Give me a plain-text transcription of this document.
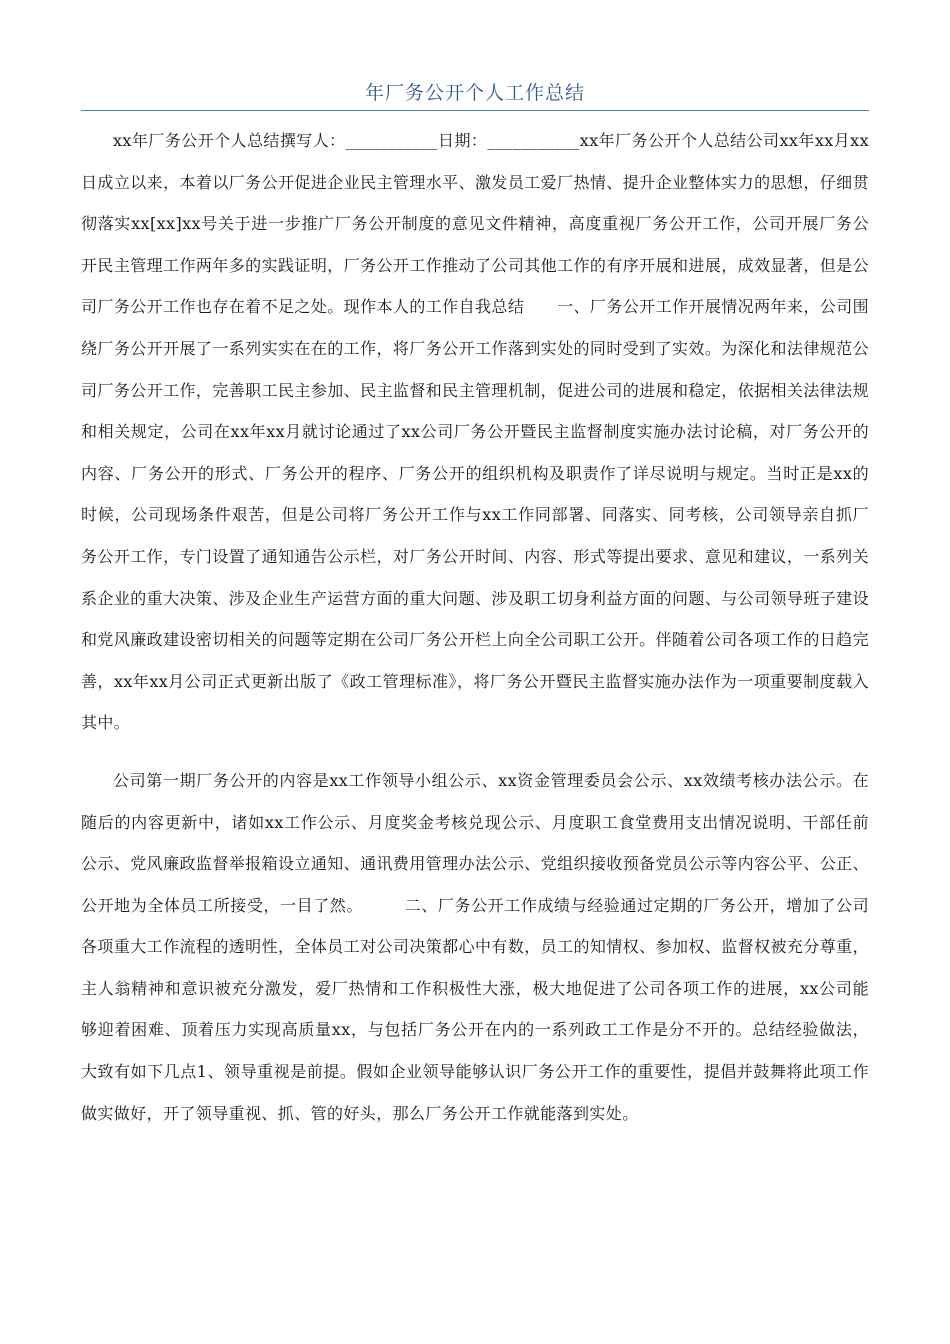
年厂务公开个人工作总结

xx年厂务公开个人总结撰写人：___________日期：___________xx年厂务公开个人总结公司xx年xx月xx日成立以来，本着以厂务公开促进企业民主管理水平、激发员工爱厂热情、提升企业整体实力的思想，仔细贯彻落实xx[xx]xx号关于进一步推广厂务公开制度的意见文件精神，高度重视厂务公开工作，公司开展厂务公开民主管理工作两年多的实践证明，厂务公开工作推动了公司其他工作的有序开展和进展，成效显著，但是公司厂务公开工作也存在着不足之处。现作本人的工作自我总结　　一、厂务公开工作开展情况两年来，公司围绕厂务公开开展了一系列实实在在的工作，将厂务公开工作落到实处的同时受到了实效。为深化和法律规范公司厂务公开工作，完善职工民主参加、民主监督和民主管理机制，促进公司的进展和稳定，依据相关法律法规和相关规定，公司在xx年xx月就讨论通过了xx公司厂务公开暨民主监督制度实施办法讨论稿，对厂务公开的内容、厂务公开的形式、厂务公开的程序、厂务公开的组织机构及职责作了详尽说明与规定。当时正是xx的时候，公司现场条件艰苦，但是公司将厂务公开工作与xx工作同部署、同落实、同考核，公司领导亲自抓厂务公开工作，专门设置了通知通告公示栏，对厂务公开时间、内容、形式等提出要求、意见和建议，一系列关系企业的重大决策、涉及企业生产运营方面的重大问题、涉及职工切身利益方面的问题、与公司领导班子建设和党风廉政建设密切相关的问题等定期在公司厂务公开栏上向全公司职工公开。伴随着公司各项工作的日趋完善，xx年xx月公司正式更新出版了《政工管理标准》，将厂务公开暨民主监督实施办法作为一项重要制度载入其中。

公司第一期厂务公开的内容是xx工作领导小组公示、xx资金管理委员会公示、xx效绩考核办法公示。在随后的内容更新中，诸如xx工作公示、月度奖金考核兑现公示、月度职工食堂费用支出情况说明、干部任前公示、党风廉政监督举报箱设立通知、通讯费用管理办法公示、党组织接收预备党员公示等内容公平、公正、公开地为全体员工所接受，一目了然。　　　二、厂务公开工作成绩与经验通过定期的厂务公开，增加了公司各项重大工作流程的透明性，全体员工对公司决策都心中有数，员工的知情权、参加权、监督权被充分尊重，主人翁精神和意识被充分激发，爱厂热情和工作积极性大涨，极大地促进了公司各项工作的进展，xx公司能够迎着困难、顶着压力实现高质量xx，与包括厂务公开在内的一系列政工工作是分不开的。总结经验做法，大致有如下几点1、领导重视是前提。假如企业领导能够认识厂务公开工作的重要性，提倡并鼓舞将此项工作做实做好，开了领导重视、抓、管的好头，那么厂务公开工作就能落到实处。
